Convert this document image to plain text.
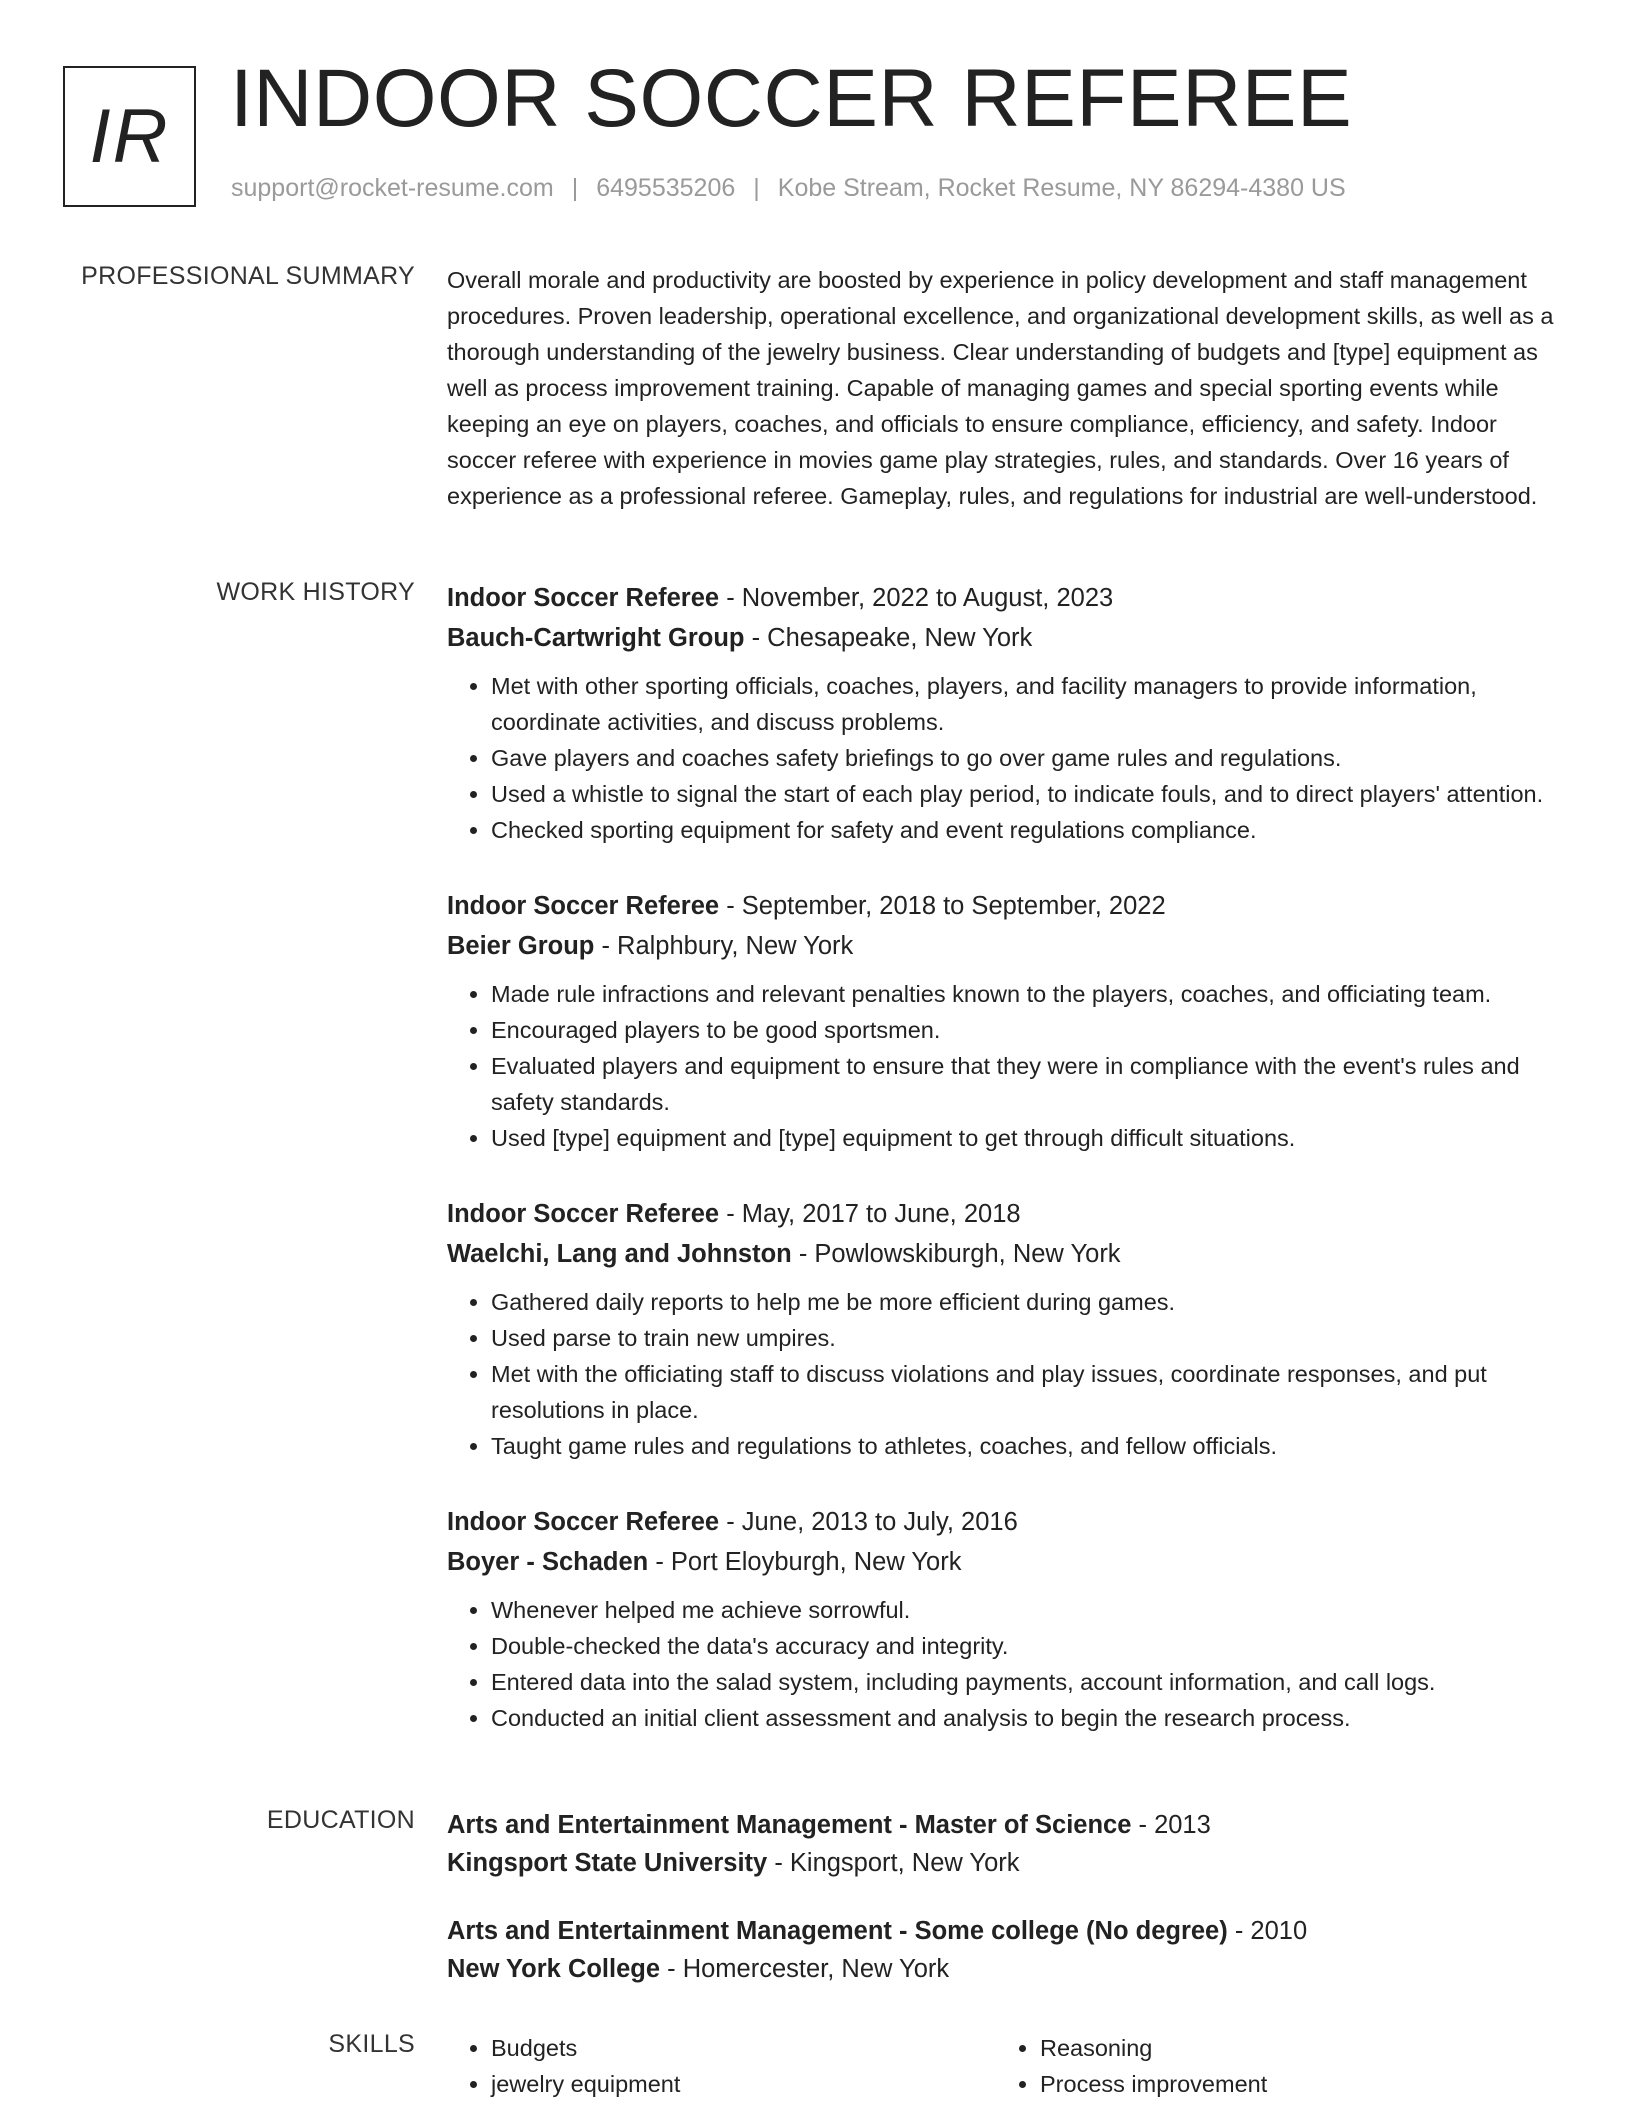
IR INDOOR SOCCER REFEREE
support@rocket-resume.com | 6495535206 | Kobe Stream, Rocket Resume, NY 86294-4380 US
PROFESSIONAL SUMMARY Overall morale and productivity are boosted by experience in policy development and staff management procedures. Proven leadership, operational excellence, and organizational development skills, as well as a thorough understanding of the jewelry business. Clear understanding of budgets and [type] equipment as well as process improvement training. Capable of managing games and special sporting events while keeping an eye on players, coaches, and officials to ensure compliance, efficiency, and safety. Indoor soccer referee with experience in movies game play strategies, rules, and standards. Over 16 years of experience as a professional referee. Gameplay, rules, and regulations for industrial are well-understood.

WORK HISTORY Indoor Soccer Referee - November, 2022 to August, 2023
Bauch-Cartwright Group - Chesapeake, New York
• Met with other sporting officials, coaches, players, and facility managers to provide information, coordinate activities, and discuss problems.
• Gave players and coaches safety briefings to go over game rules and regulations.
• Used a whistle to signal the start of each play period, to indicate fouls, and to direct players' attention.
• Checked sporting equipment for safety and event regulations compliance.
Indoor Soccer Referee - September, 2018 to September, 2022
Beier Group - Ralphbury, New York
• Made rule infractions and relevant penalties known to the players, coaches, and officiating team.
• Encouraged players to be good sportsmen.
• Evaluated players and equipment to ensure that they were in compliance with the event's rules and safety standards.
• Used [type] equipment and [type] equipment to get through difficult situations.
Indoor Soccer Referee - May, 2017 to June, 2018
Waelchi, Lang and Johnston - Powlowskiburgh, New York
• Gathered daily reports to help me be more efficient during games.
• Used parse to train new umpires.
• Met with the officiating staff to discuss violations and play issues, coordinate responses, and put resolutions in place.
• Taught game rules and regulations to athletes, coaches, and fellow officials.
Indoor Soccer Referee - June, 2013 to July, 2016
Boyer - Schaden - Port Eloyburgh, New York
• Whenever helped me achieve sorrowful.
• Double-checked the data's accuracy and integrity.
• Entered data into the salad system, including payments, account information, and call logs.
• Conducted an initial client assessment and analysis to begin the research process.
EDUCATION Arts and Entertainment Management - Master of Science - 2013
Kingsport State University - Kingsport, New York
Arts and Entertainment Management - Some college (No degree) - 2010
New York College - Homercester, New York
SKILLS
•	Budgets
• jewelry equipment
• Reasoning
• Process improvement
